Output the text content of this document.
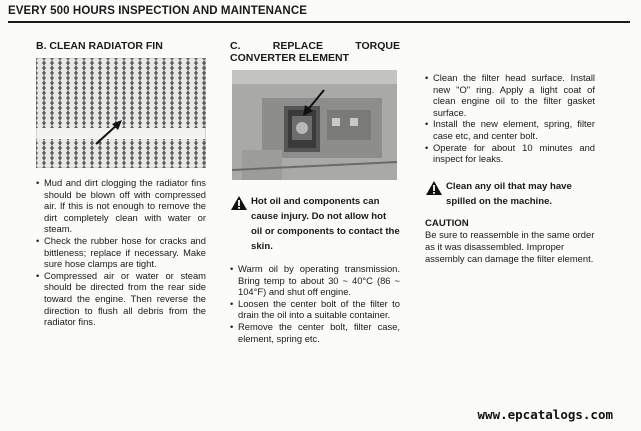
EVERY 500 HOURS INSPECTION AND MAINTENANCE
B. CLEAN RADIATOR FIN
• Mud and dirt clogging the radiator fins should be blown off with compressed air. If this is not enough to remove the dirt completely clean with water or steam.
• Check the rubber hose for cracks and bittleness; replace if necessary. Make sure hose clamps are tight.
• Compressed air or water or steam should be directed from the rear side toward the engine. Then reverse the direction to flush all debris from the radiator fins.
C. REPLACE TORQUE CONVERTER ELEMENT
Hot oil and components can cause injury. Do not allow hot oil or components to contact the skin.
• Warm oil by operating transmission. Bring temp to about 30 ~ 40°C (86 ~ 104°F) and shut off engine.
• Loosen the center bolt of the filter to drain the oil into a suitable container.
• Remove the center bolt, filter case, element, spring etc.
• Clean the filter head surface. Install new "O" ring. Apply a light coat of clean engine oil to the filter gasket surface.
• Install the new element, spring, filter case etc, and center bolt.
• Operate for about 10 minutes and inspect for leaks.
Clean any oil that may have spilled on the machine.

CAUTION

Be sure to reassemble in the same order as it was disassembled. Improper assembly can damage the filter element.

www.epcatalogs.com
